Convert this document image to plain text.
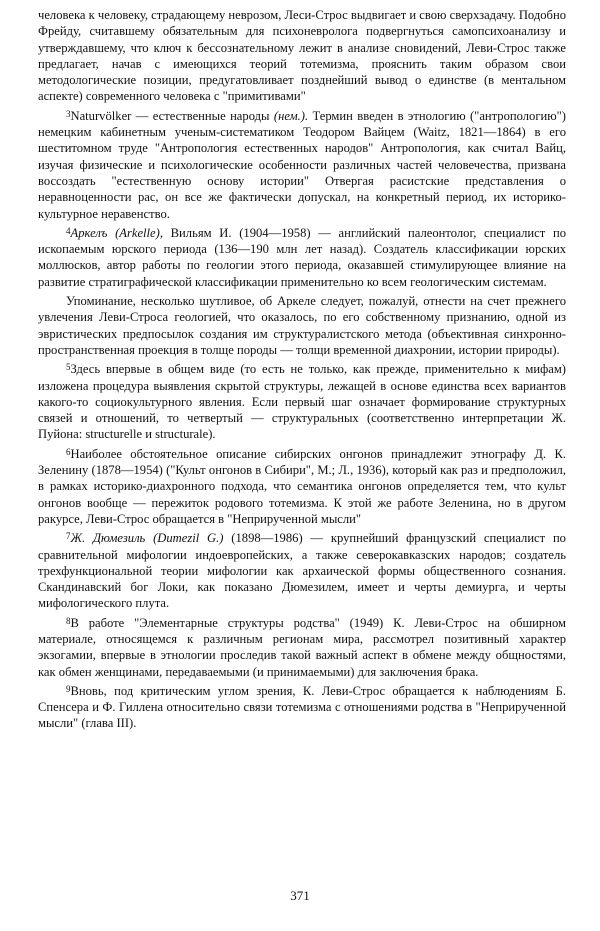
человека к человеку, страдающему неврозом, Леси-Строс выдвигает и свою сверхзадачу. Подобно Фрейду, считавшему обязательным для психоневролога подвергнуться самопсихоанализу и утверждавшему, что ключ к бессознательному лежит в анализе сновидений, Леви-Строс также предлагает, начав с имеющихся теорий тотемизма, прояснить таким образом свои методологические позиции, предугатовливает позднейший вывод о единстве (в ментальном аспекте) современного человека с "примитивами"

$^3$Naturvölker — естественные народы (нем.). Термин введен в этнологию ("антропологию") немецким кабинетным ученым-систематиком Теодором Вайцем (Waitz, 1821—1864) в его шеститомном труде "Антропология естественных народов" Антропология, как считал Вайц, изучая физические и психологические особенности различных частей человечества, призвана воссоздать "естественную основу истории" Отвергая расистские представления о неравноценности рас, он все же фактически допускал, на конкретный период, их историко-культурное неравенство.

$^4$Аркелъ (Arkelle), Вильям И. (1904—1958) — английский палеонтолог, специалист по ископаемым юрского периода (136—190 млн лет назад). Создатель классификации юрских моллюсков, автор работы по геологии этого периода, оказавшей стимулирующее влияние на развитие стратиграфической классификации применительно ко всем геологическим системам.

Упоминание, несколько шутливое, об Аркеле следует, пожалуй, отнести на счет прежнего увлечения Леви-Строса геологией, что оказалось, по его собственному признанию, одной из эвристических предпосылок создания им структуралистского метода (объективная синхронно-пространственная проекция в толще породы — толщи временной диахронии, истории природы).

$^5$Здесь впервые в общем виде (то есть не только, как прежде, применительно к мифам) изложена процедура выявления скрытой структуры, лежащей в основе единства всех вариантов какого-то социокультурного явления. Если первый шаг означает формирование структурных связей и отношений, то четвертый — структуральных (соответственно интерпретации Ж. Пуйона: structurelle и structurale).

$^6$Наиболее обстоятельное описание сибирских онгонов принадлежит этнографу Д. К. Зеленину (1878—1954) ("Культ онгонов в Сибири", М.; Л., 1936), который как раз и предположил, в рамках историко-диахронного подхода, что семантика онгонов определяется тем, что культ онгонов вообще — пережиток родового тотемизма. К этой же работе Зеленина, но в другом ракурсе, Леви-Строс обращается в "Неприрученной мысли"

$^7$Ж. Дюмезиль (Dumezil G.) (1898—1986) — крупнейший французский специалист по сравнительной мифологии индоевропейских, а также северокавказских народов; создатель трехфункциональной теории мифологии как архаической формы общественного сознания. Скандинавский бог Локи, как показано Дюмезилем, имеет и черты демиурга, и черты мифологического плута.

$^8$В работе "Элементарные структуры родства" (1949) К. Леви-Строс на обширном материале, относящемся к различным регионам мира, рассмотрел позитивный характер экзогамии, впервые в этнологии проследив такой важный аспект в обмене между общностями, как обмен женщинами, передаваемыми (и принимаемыми) для заключения брака.

$^9$Вновь, под критическим углом зрения, К. Леви-Строс обращается к наблюдениям Б. Спенсера и Ф. Гиллена относительно связи тотемизма с отношениями родства в "Неприрученной мысли" (глава III).

371
